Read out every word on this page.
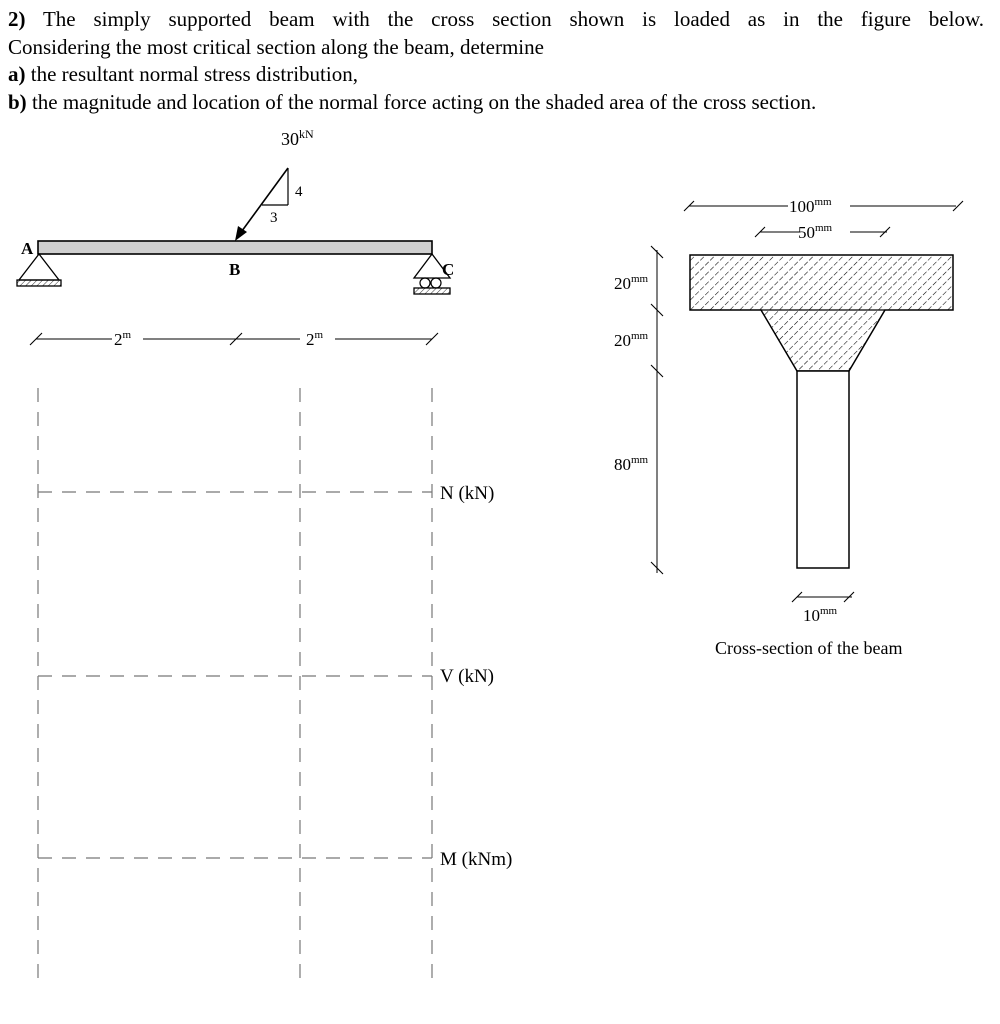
2) The simply supported beam with the cross section shown is loaded as in the figure below.

Considering the most critical section along the beam, determine

a) the resultant normal stress distribution,

b) the magnitude and location of the normal force acting on the shaded area of the cross section.

A
C
B
4
3
$30^{kN}$
2$^m$	2$^m$
N (kN)
V (kN)
M (kNm)
$100^{mm}$
$50^{mm}$
$20^{mm}$
$20^{mm}$
$80^{mm}$
$10^{mm}$
Cross-section of the beam
